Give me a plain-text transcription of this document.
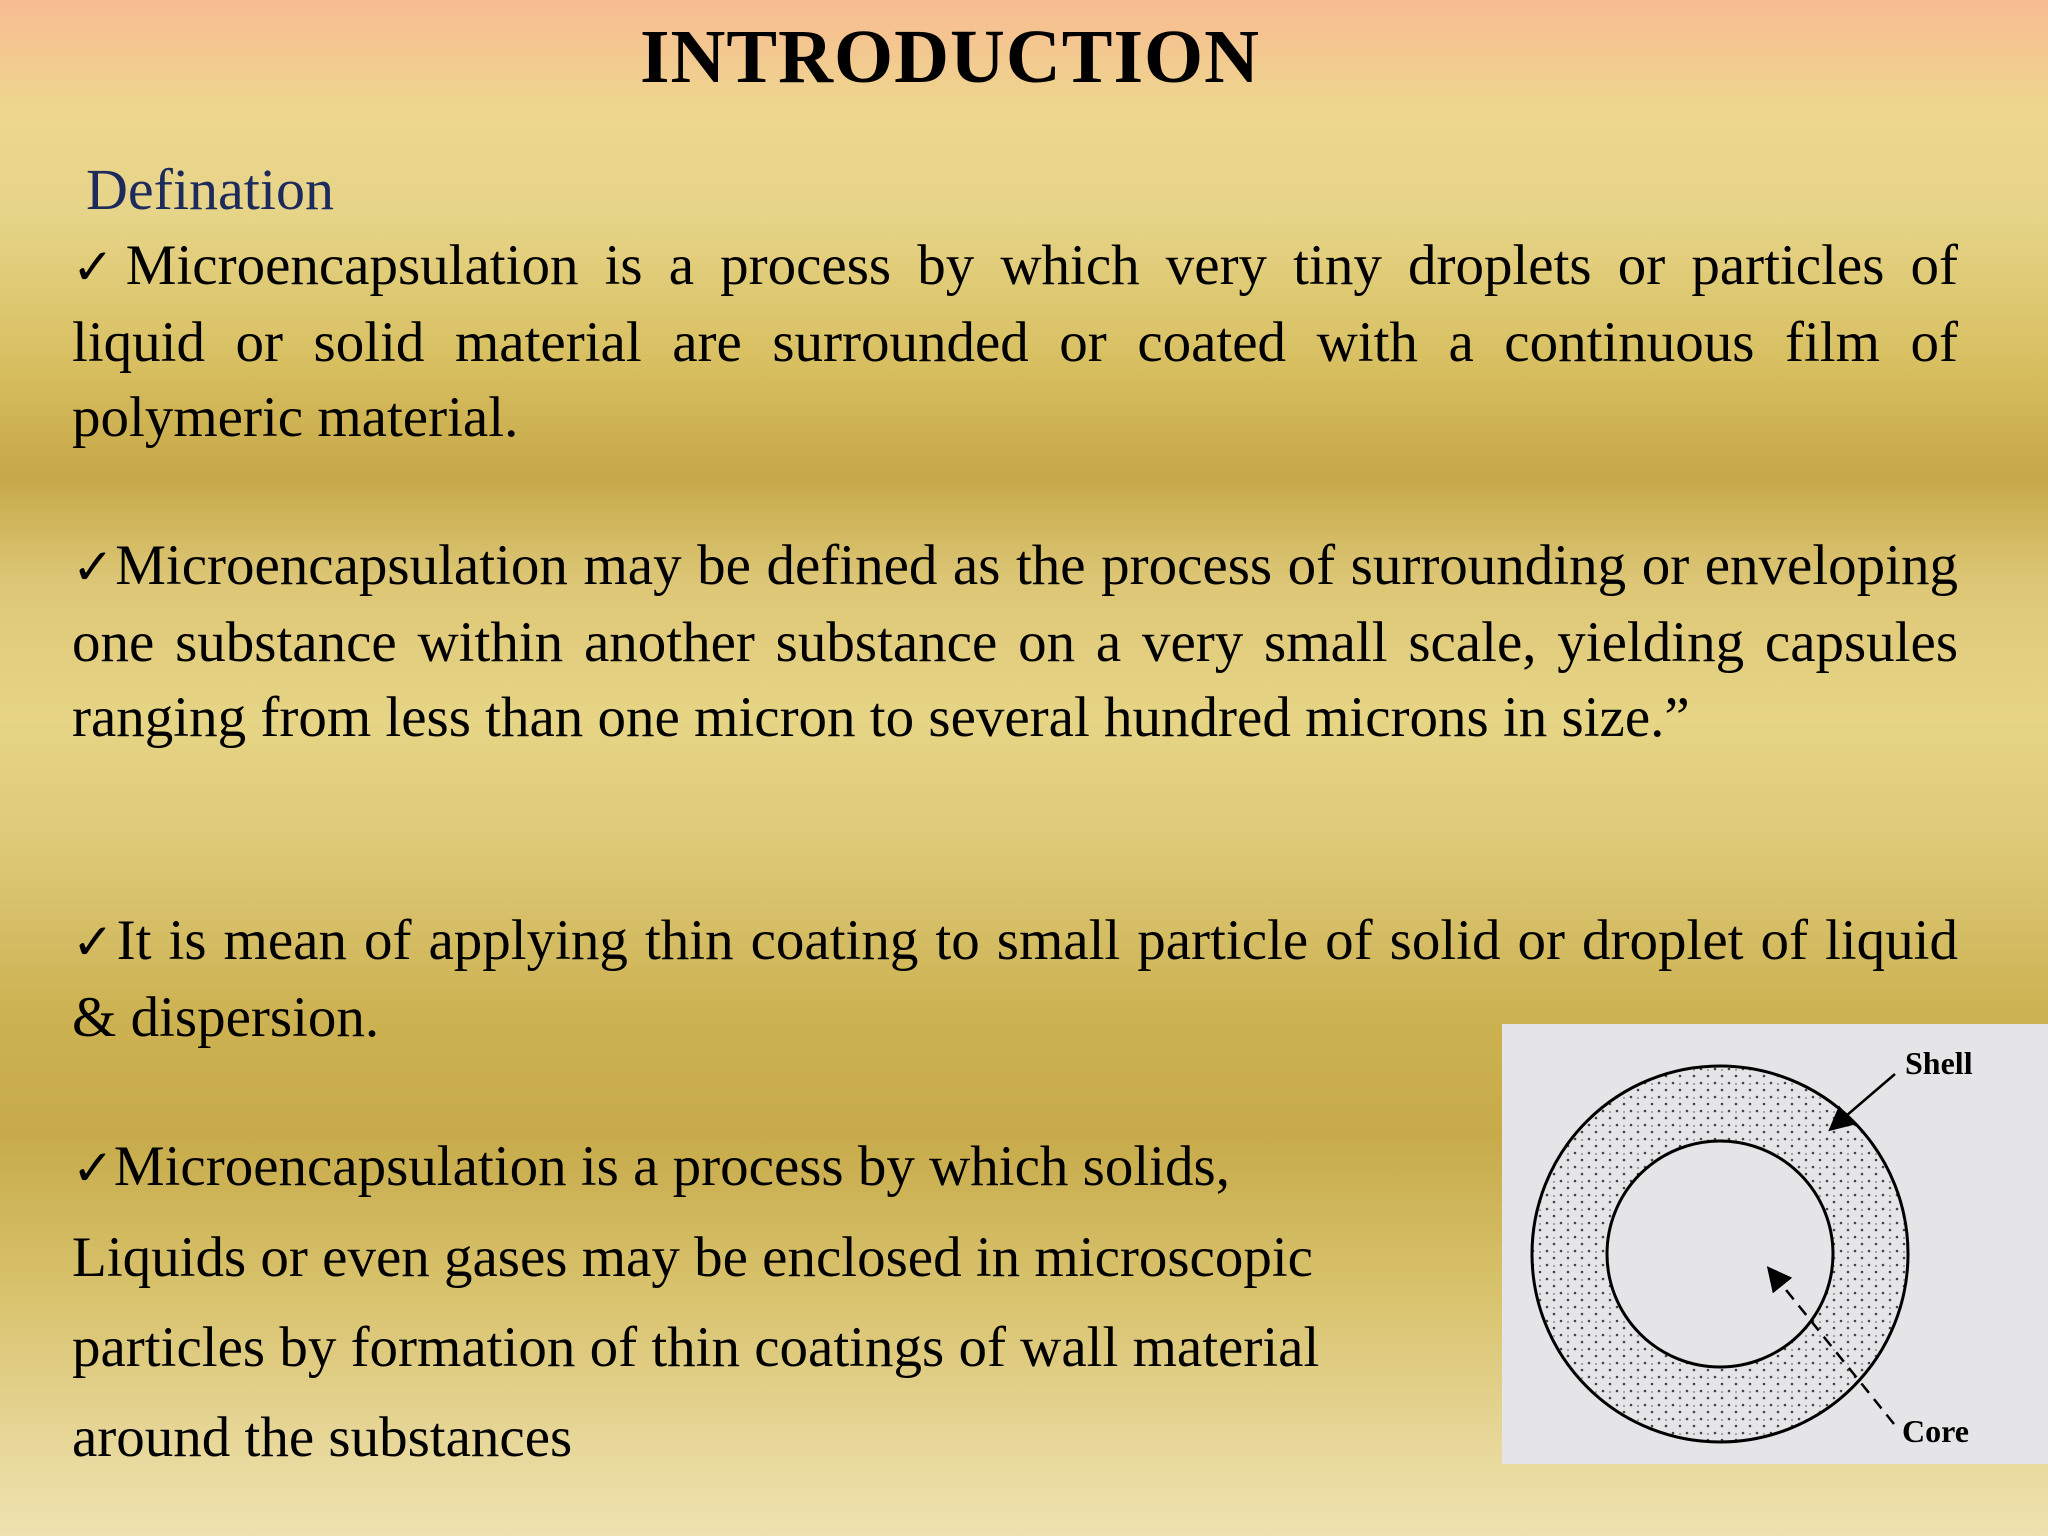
INTRODUCTION
Defination

✓Microencapsulation is a process by which very tiny droplets or particles of liquid or solid material are surrounded or coated with a continuous film of polymeric material.

✓Microencapsulation may be defined as the process of surrounding or enveloping one substance within another substance on a very small scale, yielding capsules ranging from less than one micron to several hundred microns in size.”

✓It is mean of applying thin coating to small particle of solid or droplet of liquid & dispersion.

✓Microencapsulation is a process by which solids,
Liquids or even gases may be enclosed in microscopic
particles by formation of thin coatings of wall material
around the substances
Shell
Core
